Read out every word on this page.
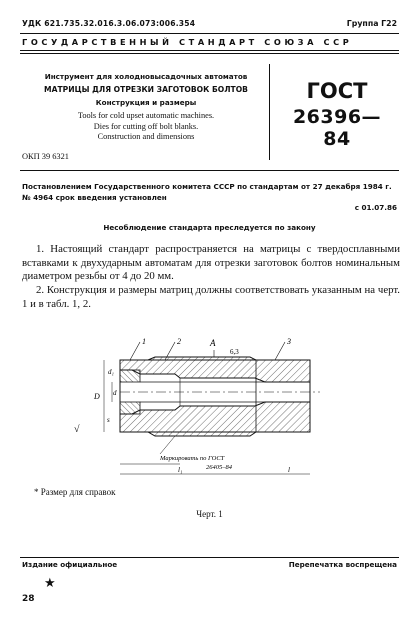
УДК 621.735.32.016.3.06.073:006.354	Группа Г22
ГОСУДАРСТВЕННЫЙ СТАНДАРТ СОЮЗА ССР
Инструмент для холодновысадочных автоматов
МАТРИЦЫ ДЛЯ ОТРЕЗКИ ЗАГОТОВОК БОЛТОВ
Конструкция и размеры
Tools for cold upset automatic machines.
Dies for cutting off bolt blanks.
Construction and dimensions
ГОСТ
26396—84
ОКП 39 6321
Постановлением Государственного комитета СССР по стандартам от 27 декабря 1984 г. № 4964 срок введения установлен
с 01.07.86
Несоблюдение стандарта преследуется по закону
1. Настоящий стандарт распространяется на матрицы с твердосплавными вставками к двухударным автоматам для отрезки заготовок болтов номинальным диаметром резьбы от 4 до 20 мм.
2. Конструкция и размеры матриц должны соответствовать указанным на черт. 1 и в табл. 1, 2.
1	2	3
А
6,3
D d
d₁
s
√
Маркировать по ГОСТ
26405–84
l₁	l
* Размер для справок
Черт. 1
Издание официальное	Перепечатка воспрещена
★
28
